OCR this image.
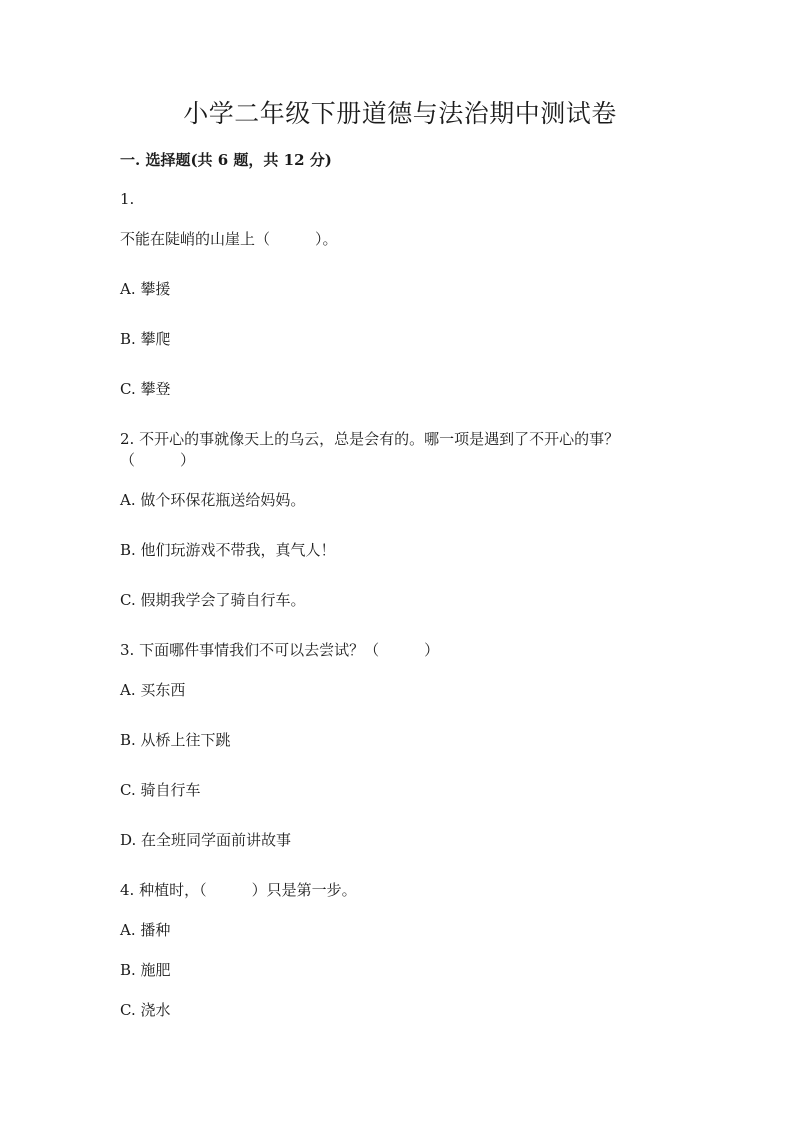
小学二年级下册道德与法治期中测试卷
一. 选择题(共 6 题，共 12 分)
1.
不能在陡峭的山崖上（　　　）。
A. 攀援
B. 攀爬
C. 攀登
2. 不开心的事就像天上的乌云，总是会有的。哪一项是遇到了不开心的事？
（　　　）
A. 做个环保花瓶送给妈妈。
B. 他们玩游戏不带我，真气人！
C. 假期我学会了骑自行车。
3. 下面哪件事情我们不可以去尝试？（　　　）
A. 买东西
B. 从桥上往下跳
C. 骑自行车
D. 在全班同学面前讲故事
4. 种植时，（　　　）只是第一步。
A. 播种
B. 施肥
C. 浇水
